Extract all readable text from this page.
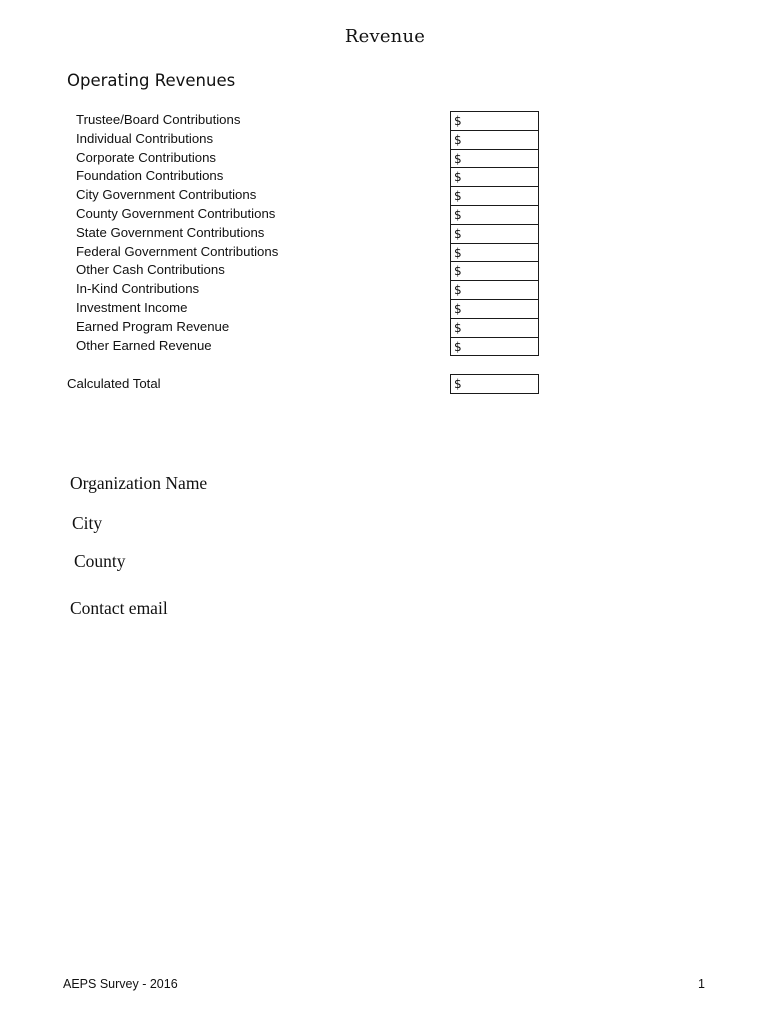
Revenue
Operating Revenues
Trustee/Board Contributions	$
Individual Contributions	$
Corporate Contributions	$
Foundation Contributions	$
City Government Contributions	$
County Government Contributions	$
State Government Contributions	$
Federal Government Contributions	$
Other Cash Contributions	$
In-Kind Contributions	$
Investment Income	$
Earned Program Revenue	$
Other Earned Revenue	$
Calculated Total	$
Organization Name
City
County
Contact email
AEPS Survey - 2016	1
